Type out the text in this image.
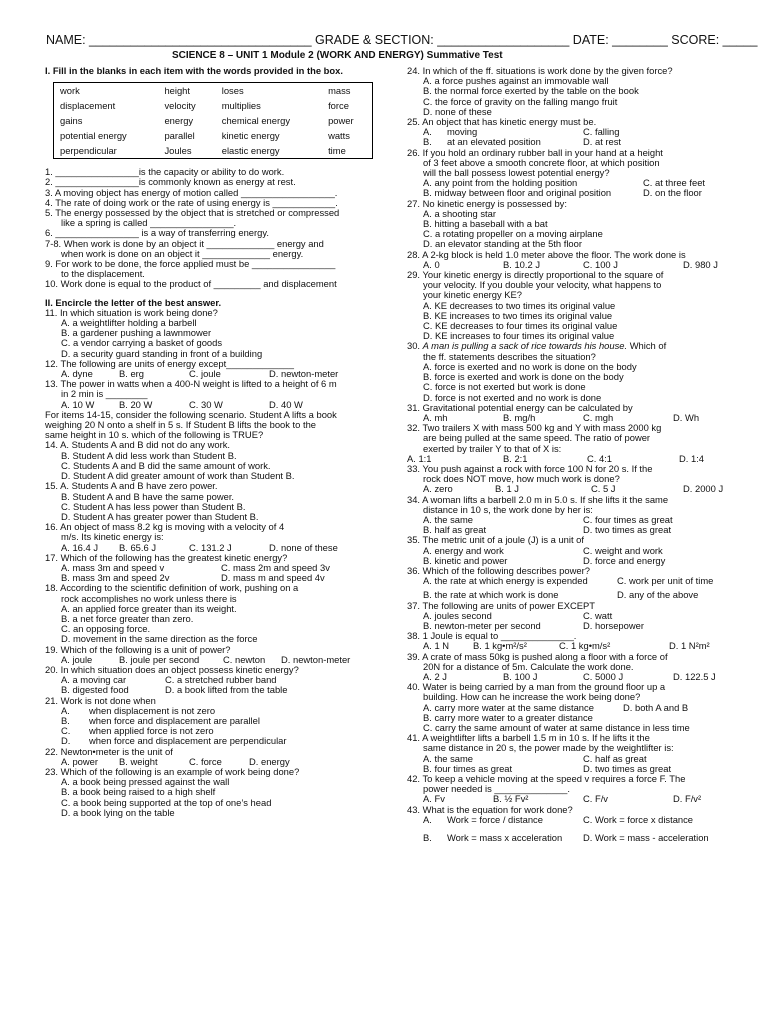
NAME: ________________________________ GRADE & SECTION: ___________________ DATE: ________ SCORE: _____
SCIENCE 8 – UNIT 1 Module 2 (WORK AND ENERGY) Summative Test
I. Fill in the blanks in each item with the words provided in the box.
work	height	loses	mass
displacement	velocity	multiplies	force
gains	energy	chemical energy	power
potential energy	parallel	kinetic energy	watts
perpendicular	Joules	elastic energy	time
1. ________________is the capacity or ability to do work.
2. ________________is commonly known as energy at rest.
3. A moving object has energy of motion called __________________.
4. The rate of doing work or the rate of using energy is ____________.
5. The energy possessed by the object that is stretched or compressed
like a spring is called ________________.
6. ________________ is a way of transferring energy.
7-8. When work is done by an object it _____________ energy and
when work is done on an object it _____________ energy.
9. For work to be done, the force applied must be ________________
to the displacement.
10. Work done is equal to the product of _________ and displacement
II. Encircle the letter of the best answer.
11. In which situation is work being done?
A. a weightlifter holding a barbell
B. a gardener pushing a lawnmower
C. a vendor carrying a basket of goods
D. a security guard standing in front of a building
12. The following are units of energy except_____________
A. dyne	B. erg	C. joule	D. newton-meter
13. The power in watts when a 400-N weight is lifted to a height of 6 m
in 2 min is ________
A. 10 W	B. 20 W	C. 30 W	D. 40 W
For items 14-15, consider the following scenario. Student A lifts a book
weighing 20 N onto a shelf in 5 s. If Student B lifts the book to the
same height in 10 s. which of the following is TRUE?
14. A. Students A and B did not do any work.
B. Student A did less work than Student B.
C. Students A and B did the same amount of work.
D. Student A did greater amount of work than Student B.
15. A. Students A and B have zero power.
B. Student A and B have the same power.
C. Student A has less power than Student B.
D. Student A has greater power than Student B.
16. An object of mass 8.2 kg is moving with a velocity of 4
m/s. Its kinetic energy is:
A. 16.4 J	B. 65.6 J	C. 131.2 J	D. none of these
17. Which of the following has the greatest kinetic energy?
A. mass 3m and speed v	C. mass 2m and speed 3v
B. mass 3m and speed 2v	D. mass m and speed 4v
18. According to the scientific definition of work, pushing on a
rock accomplishes no work unless there is
A. an applied force greater than its weight.
B. a net force greater than zero.
C. an opposing force.
D. movement in the same direction as the force
19. Which of the following is a unit of power?
A. joule	B. joule per second	C. newton	D. newton-meter
20. In which situation does an object possess kinetic energy?
A. a moving car	C. a stretched rubber band
B. digested food	D. a book lifted from the table
21. Work is not done when
A.	when displacement is not zero
B.	when force and displacement are parallel
C.	when applied force is not zero
D.	when force and displacement are perpendicular
22. Newton•meter is the unit of
A. power	B. weight	C. force	D. energy
23. Which of the following is an example of work being done?
A. a book being pressed against the wall
B. a book being raised to a high shelf
C. a book being supported at the top of one’s head
D. a book lying on the table
24. In which of the ff. situations is work done by the given force?
A. a force pushes against an immovable wall
B. the normal force exerted by the table on the book
C. the force of gravity on the falling mango fruit
D. none of these
25. An object that has kinetic energy must be.
A.	moving	C. falling
B.	at an elevated position	D. at rest
26. If you hold an ordinary rubber ball in your hand at a height
of 3 feet above a smooth concrete floor, at which position
will the ball possess lowest potential energy?
A. any point from the holding position	C. at three feet
B. midway between floor and original position	D. on the floor
27. No kinetic energy is possessed by:
A. a shooting star
B. hitting a baseball with a bat
C. a rotating propeller on a moving airplane
D. an elevator standing at the 5th floor
28. A 2-kg block is held 1.0 meter above the floor. The work done is
A. 0	B. 10.2 J	C. 100 J	D. 980 J
29. Your kinetic energy is directly proportional to the square of
your velocity. If you double your velocity, what happens to
your kinetic energy KE?
A. KE decreases to two times its original value
B. KE increases to two times its original value
C. KE decreases to four times its original value
D. KE increases to four times its original value
30. A man is pulling a sack of rice towards his house. Which of
the ff. statements describes the situation?
A. force is exerted and no work is done on the body
B. force is exerted and work is done on the body
C. force is not exerted but work is done
D. force is not exerted and no work is done
31. Gravitational potential energy can be calculated by
A. mh	B. mg/h	C. mgh	D. Wh
32. Two trailers X with mass 500 kg and Y with mass 2000 kg
are being pulled at the same speed. The ratio of power
exerted by trailer Y to that of X is:
A. 1:1	B. 2:1	C. 4:1	D. 1:4
33. You push against a rock with force 100 N for 20 s. If the
rock does NOT move, how much work is done?
A. zero	B. 1 J	C. 5 J	D. 2000 J
34. A woman lifts a barbell 2.0 m in 5.0 s. If she lifts it the same
distance in 10 s, the work done by her is:
A. the same	C. four times as great
B. half as great	D. two times as great
35. The metric unit of a joule (J) is a unit of
A. energy and work	C. weight and work
B. kinetic and power	D. force and energy
36. Which of the following describes power?
A. the rate at which energy is expended	C. work per unit of time
B. the rate at which work is done	D. any of the above
37. The following are units of power EXCEPT
A. joules second	C. watt
B. newton-meter per second	D. horsepower
38. 1 Joule is equal to ______________.
A. 1 N	B. 1 kg•m²/s²	C. 1 kg•m/s²	D. 1 N²m²
39. A crate of mass 50kg is pushed along a floor with a force of
20N for a distance of 5m. Calculate the work done.
A. 2 J	B. 100 J	C. 5000 J	D. 122.5 J
40. Water is being carried by a man from the ground floor up a
building. How can he increase the work being done?
A. carry more water at the same distance	D. both A and B
B. carry more water to a greater distance
C. carry the same amount of water at same distance in less time
41. A weightlifter lifts a barbell 1.5 m in 10 s. If he lifts it the
same distance in 20 s, the power made by the weightlifter is:
A. the same	C. half as great
B. four times as great	D. two times as great
42. To keep a vehicle moving at the speed v requires a force F. The
power needed is ______________.
A. Fv	B. ½ Fv²	C. F/v	D. F/v²
43. What is the equation for work done?
A.	Work = force / distance	C. Work = force x distance
B.	Work = mass x acceleration	D. Work = mass - acceleration
